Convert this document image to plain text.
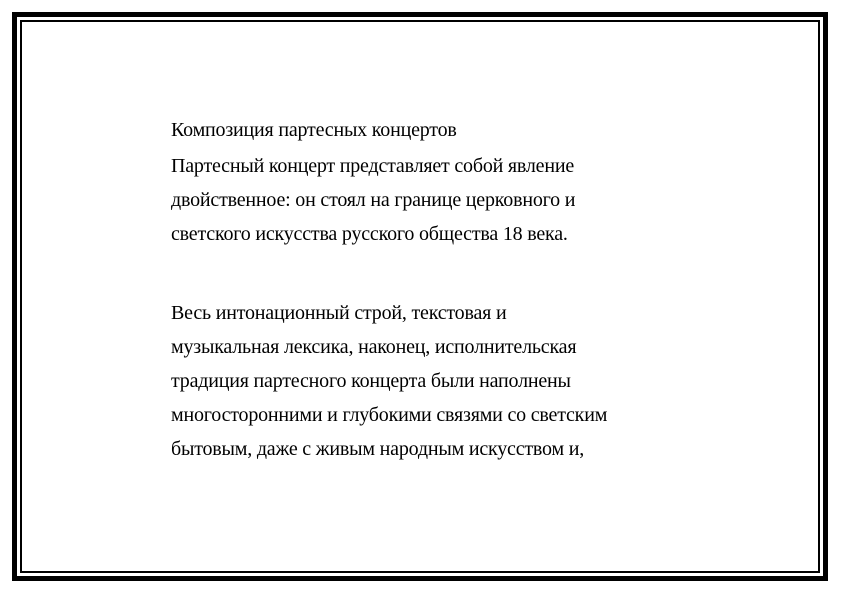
Композиция партесных концертов

Партесный концерт представляет собой явление
двойственное: он стоял на границе церковного и
светского искусства русского общества 18 века.

Весь интонационный строй, текстовая и
музыкальная лексика, наконец, исполнительская
традиция партесного концерта были наполнены
многосторонними и глубокими связями со светским
бытовым, даже с живым народным искусством и,
